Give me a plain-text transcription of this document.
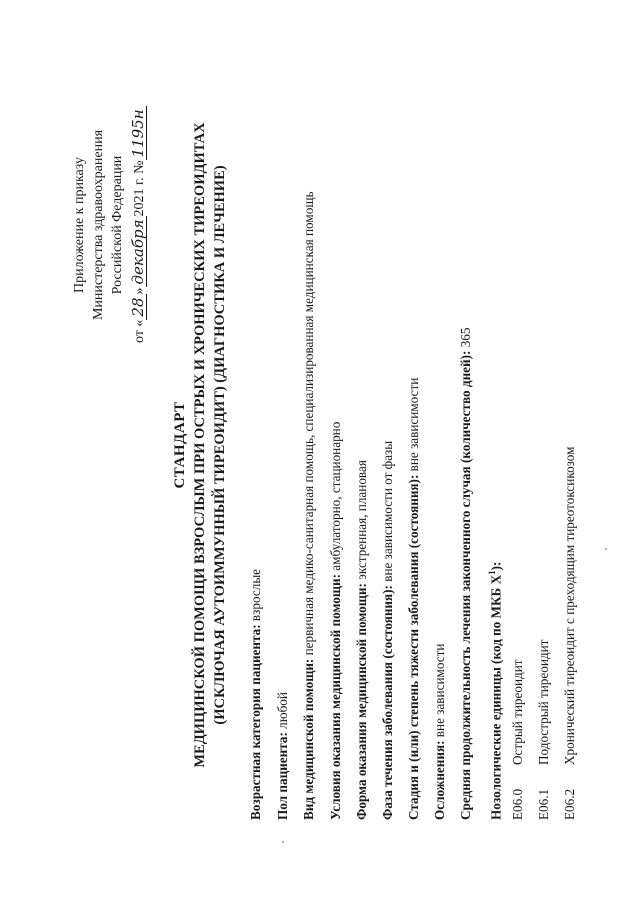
Приложение к приказу Министерства здравоохранения Российской Федерации
от «28»декабря2021 г. №1195н
СТАНДАРТ МЕДИЦИНСКОЙ ПОМОЩИ ВЗРОСЛЫМ ПРИ ОСТРЫХ И ХРОНИЧЕСКИХ ТИРЕОИДИТАХ (ИСКЛЮЧАЯ АУТОИММУННЫЙ ТИРЕОИДИТ) (ДИАГНОСТИКА И ЛЕЧЕНИЕ) Возрастная категория пациента: взрослые
Пол пациента: любой Вид медицинской помощи: первичная медико-санитарная помощь, специализированная медицинская помощь
Условия оказания медицинской помощи: амбулаторно, стационарно
Форма оказания медицинской помощи: экстренная, плановая
Фаза течения заболевания (состояния): вне зависимости от фазы Стадия и (или) степень тяжести заболевания (состояния): вне зависимости
Осложнения: вне зависимости Средняя продолжительность лечения законченного случая (количество дней): 365
Нозологические единицы (код по МКБ $X^1$):
E06.0
Острый тиреоидит
E06.1
Подострый тиреоидит
E06.2
Хронический тиреоидит с преходящим тиреотоксикозом
